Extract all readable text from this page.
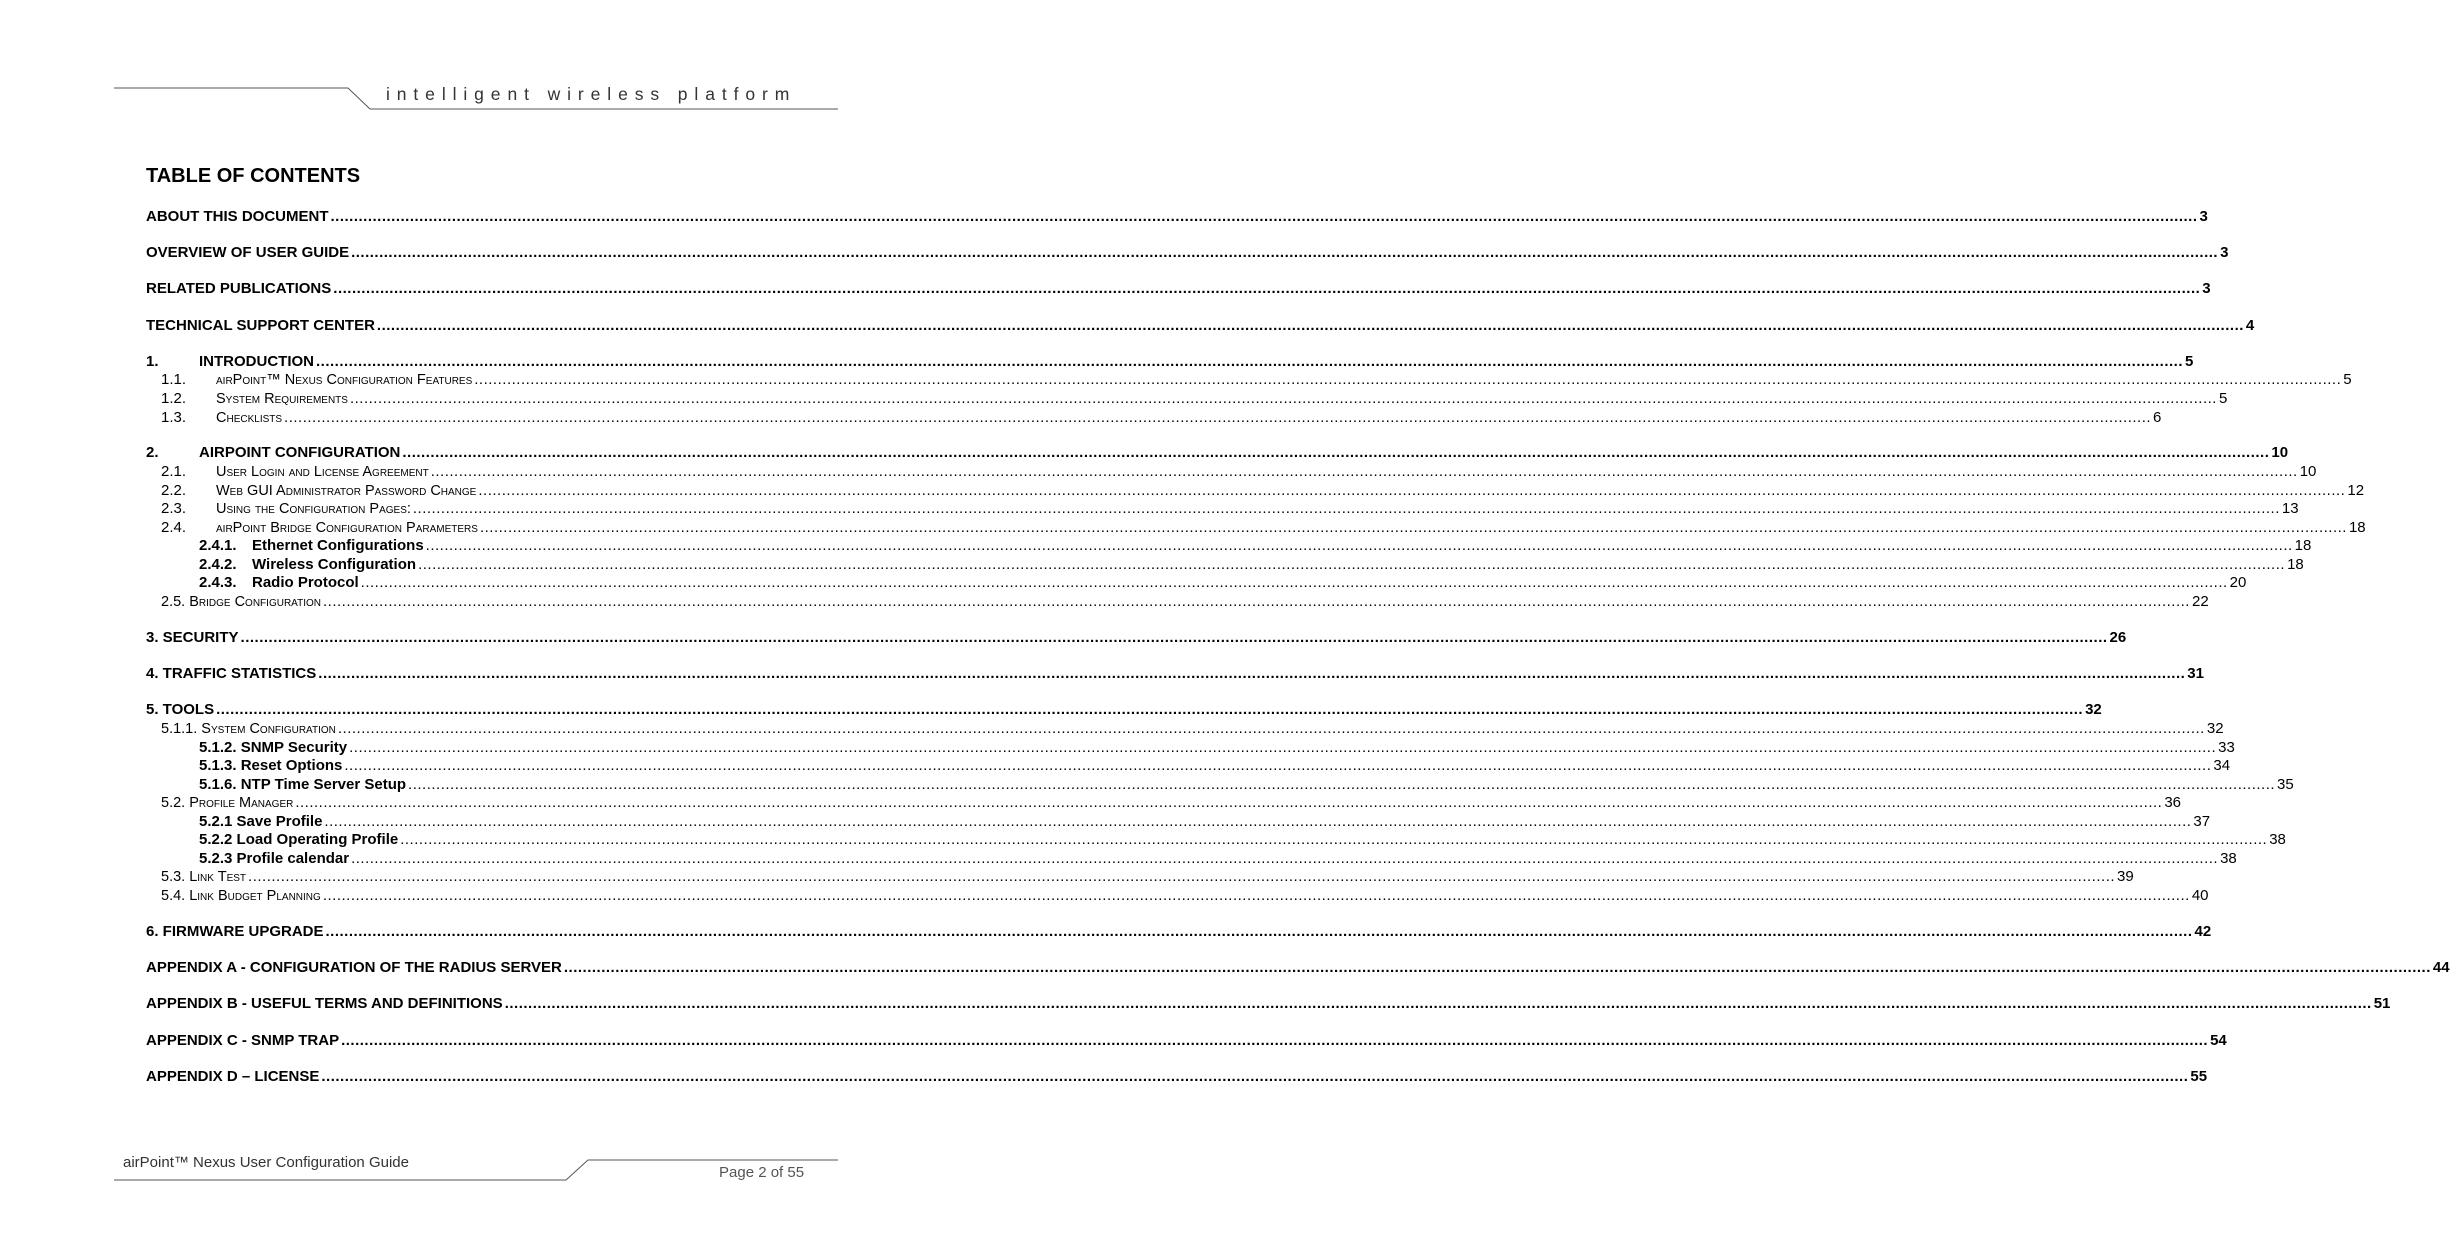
intelligent wireless platform
TABLE OF CONTENTS
ABOUT THIS DOCUMENT ................................................................................................................................................................................................................................................................................................................................................................................................................ 3
OVERVIEW OF USER GUIDE ................................................................................................................................................................................................................................................................................................................................................................................................................ 3
RELATED PUBLICATIONS ................................................................................................................................................................................................................................................................................................................................................................................................................ 3
TECHNICAL SUPPORT CENTER ................................................................................................................................................................................................................................................................................................................................................................................................................ 4
1.	INTRODUCTION ................................................................................................................................................................................................................................................................................................................................................................................................................ 5
1.1.	airPoint™ Nexus Configuration Features ................................................................................................................................................................................................................................................................................................................................................................................................................ 5
1.2.	System Requirements ................................................................................................................................................................................................................................................................................................................................................................................................................ 5
1.3.	Checklists ................................................................................................................................................................................................................................................................................................................................................................................................................ 6
2.	AIRPOINT CONFIGURATION ................................................................................................................................................................................................................................................................................................................................................................................................................ 10
2.1.	User Login and License Agreement ................................................................................................................................................................................................................................................................................................................................................................................................................ 10
2.2.	Web GUI Administrator Password Change ................................................................................................................................................................................................................................................................................................................................................................................................................ 12
2.3.	Using the Configuration Pages: ................................................................................................................................................................................................................................................................................................................................................................................................................ 13
2.4.	airPoint Bridge Configuration Parameters ................................................................................................................................................................................................................................................................................................................................................................................................................ 18
2.4.1.	Ethernet Configurations ................................................................................................................................................................................................................................................................................................................................................................................................................ 18
2.4.2.	Wireless Configuration ................................................................................................................................................................................................................................................................................................................................................................................................................ 18
2.4.3.	Radio Protocol ................................................................................................................................................................................................................................................................................................................................................................................................................ 20
2.5. Bridge Configuration ................................................................................................................................................................................................................................................................................................................................................................................................................ 22
3. SECURITY ................................................................................................................................................................................................................................................................................................................................................................................................................ 26
4. TRAFFIC STATISTICS ................................................................................................................................................................................................................................................................................................................................................................................................................ 31
5. TOOLS ................................................................................................................................................................................................................................................................................................................................................................................................................ 32
5.1.1. System Configuration ................................................................................................................................................................................................................................................................................................................................................................................................................ 32
5.1.2. SNMP Security ................................................................................................................................................................................................................................................................................................................................................................................................................ 33
5.1.3. Reset Options ................................................................................................................................................................................................................................................................................................................................................................................................................ 34
5.1.6. NTP Time Server Setup ................................................................................................................................................................................................................................................................................................................................................................................................................ 35
5.2. Profile Manager ................................................................................................................................................................................................................................................................................................................................................................................................................ 36
5.2.1 Save Profile ................................................................................................................................................................................................................................................................................................................................................................................................................ 37
5.2.2 Load Operating Profile ................................................................................................................................................................................................................................................................................................................................................................................................................ 38
5.2.3 Profile calendar ................................................................................................................................................................................................................................................................................................................................................................................................................ 38
5.3. Link Test ................................................................................................................................................................................................................................................................................................................................................................................................................ 39
5.4. Link Budget Planning ................................................................................................................................................................................................................................................................................................................................................................................................................ 40
6. FIRMWARE UPGRADE ................................................................................................................................................................................................................................................................................................................................................................................................................ 42
APPENDIX A - CONFIGURATION OF THE RADIUS SERVER ................................................................................................................................................................................................................................................................................................................................................................................................................ 44
APPENDIX B - USEFUL TERMS AND DEFINITIONS ................................................................................................................................................................................................................................................................................................................................................................................................................ 51
APPENDIX C - SNMP TRAP ................................................................................................................................................................................................................................................................................................................................................................................................................ 54
APPENDIX D – LICENSE ................................................................................................................................................................................................................................................................................................................................................................................................................ 55
airPoint™ Nexus User Configuration Guide
Page 2 of 55
